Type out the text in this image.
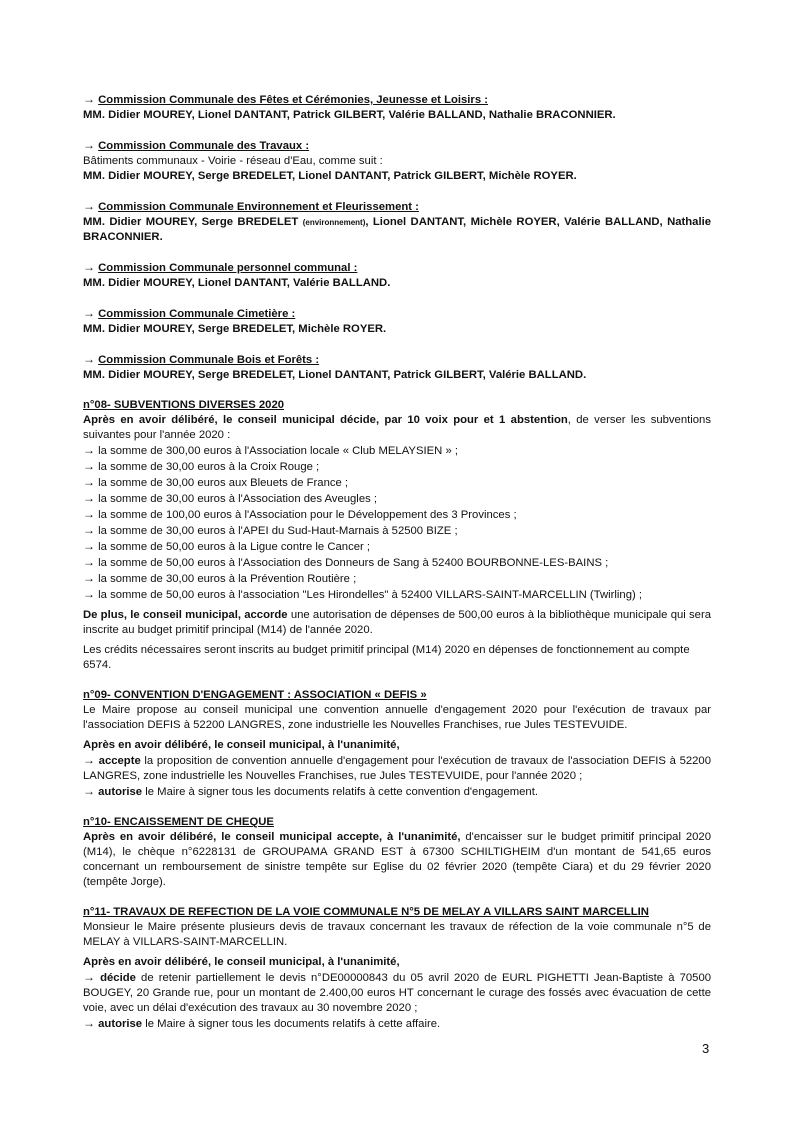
→ Commission Communale des Fêtes et Cérémonies, Jeunesse et Loisirs :
MM. Didier MOUREY, Lionel DANTANT, Patrick GILBERT, Valérie BALLAND, Nathalie BRACONNIER.
→ Commission Communale des Travaux :
Bâtiments communaux - Voirie - réseau d'Eau, comme suit :
MM. Didier MOUREY, Serge BREDELET, Lionel DANTANT, Patrick GILBERT, Michèle ROYER.
→ Commission Communale Environnement et Fleurissement :
MM. Didier MOUREY, Serge BREDELET (environnement), Lionel DANTANT, Michèle ROYER, Valérie BALLAND, Nathalie BRACONNIER.
→ Commission Communale personnel communal :
MM. Didier MOUREY, Lionel DANTANT, Valérie BALLAND.
→ Commission Communale Cimetière :
MM. Didier MOUREY, Serge BREDELET, Michèle ROYER.
→ Commission Communale Bois et Forêts :
MM. Didier MOUREY, Serge BREDELET, Lionel DANTANT, Patrick GILBERT, Valérie BALLAND.
n°08- SUBVENTIONS DIVERSES 2020
Après en avoir délibéré, le conseil municipal décide, par 10 voix pour et 1 abstention, de verser les subventions suivantes pour l'année 2020 :
→ la somme de 300,00 euros à l'Association locale « Club MELAYSIEN » ;
→ la somme de 30,00 euros à la Croix Rouge ;
→ la somme de 30,00 euros aux Bleuets de France ;
→ la somme de 30,00 euros à l'Association des Aveugles ;
→ la somme de 100,00 euros à l'Association pour le Développement des 3 Provinces ;
→ la somme de 30,00 euros à l'APEI du Sud-Haut-Marnais à 52500 BIZE ;
→ la somme de 50,00 euros à la Ligue contre le Cancer ;
→ la somme de 50,00 euros à l'Association des Donneurs de Sang à 52400 BOURBONNE-LES-BAINS ;
→ la somme de 30,00 euros à la Prévention Routière ;
→ la somme de 50,00 euros à l'association "Les Hirondelles" à 52400 VILLARS-SAINT-MARCELLIN (Twirling) ;
De plus, le conseil municipal, accorde une autorisation de dépenses de 500,00 euros à la bibliothèque municipale qui sera inscrite au budget primitif principal (M14) de l'année 2020.
Les crédits nécessaires seront inscrits au budget primitif principal (M14) 2020 en dépenses de fonctionnement au compte 6574.
n°09- CONVENTION D'ENGAGEMENT : ASSOCIATION « DEFIS »
Le Maire propose au conseil municipal une convention annuelle d'engagement 2020 pour l'exécution de travaux par l'association DEFIS à 52200 LANGRES, zone industrielle les Nouvelles Franchises, rue Jules TESTEVUIDE.
Après en avoir délibéré, le conseil municipal, à l'unanimité,
→ accepte la proposition de convention annuelle d'engagement pour l'exécution de travaux de l'association DEFIS à 52200 LANGRES, zone industrielle les Nouvelles Franchises, rue Jules TESTEVUIDE, pour l'année 2020 ;
→ autorise le Maire à signer tous les documents relatifs à cette convention d'engagement.
n°10- ENCAISSEMENT DE CHEQUE
Après en avoir délibéré, le conseil municipal accepte, à l'unanimité, d'encaisser sur le budget primitif principal 2020 (M14), le chèque n°6228131 de GROUPAMA GRAND EST à 67300 SCHILTIGHEIM d'un montant de 541,65 euros concernant un remboursement de sinistre tempête sur Eglise du 02 février 2020 (tempête Ciara) et du 29 février 2020 (tempête Jorge).
n°11- TRAVAUX DE REFECTION DE LA VOIE COMMUNALE N°5 DE MELAY A VILLARS SAINT MARCELLIN
Monsieur le Maire présente plusieurs devis de travaux concernant les travaux de réfection de la voie communale n°5 de MELAY à VILLARS-SAINT-MARCELLIN.
Après en avoir délibéré, le conseil municipal, à l'unanimité,
→ décide de retenir partiellement le devis n°DE00000843 du 05 avril 2020 de EURL PIGHETTI Jean-Baptiste à 70500 BOUGEY, 20 Grande rue, pour un montant de 2.400,00 euros HT concernant le curage des fossés avec évacuation de cette voie, avec un délai d'exécution des travaux au 30 novembre 2020 ;
→ autorise le Maire à signer tous les documents relatifs à cette affaire.
3
